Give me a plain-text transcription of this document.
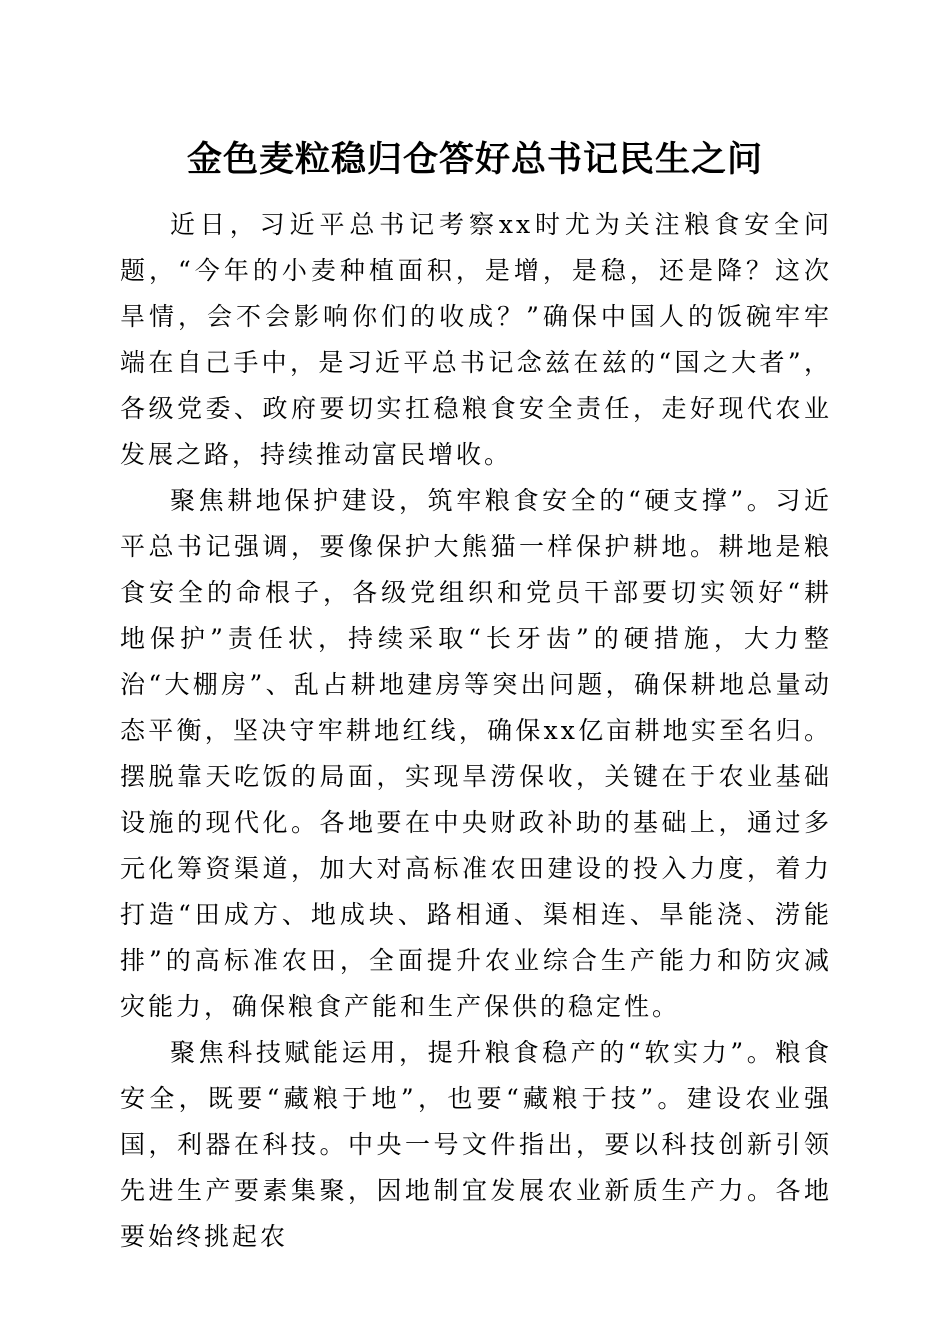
金色麦粒稳归仓答好总书记民生之问

近日，习近平总书记考察xx时尤为关注粮食安全问题，“今年的小麦种植面积，是增，是稳，还是降？这次旱情，会不会影响你们的收成？”确保中国人的饭碗牢牢端在自己手中，是习近平总书记念兹在兹的“国之大者”，各级党委、政府要切实扛稳粮食安全责任，走好现代农业发展之路，持续推动富民增收。

聚焦耕地保护建设，筑牢粮食安全的“硬支撑”。习近平总书记强调，要像保护大熊猫一样保护耕地。耕地是粮食安全的命根子，各级党组织和党员干部要切实领好“耕地保护”责任状，持续采取“长牙齿”的硬措施，大力整治“大棚房”、乱占耕地建房等突出问题，确保耕地总量动态平衡，坚决守牢耕地红线，确保xx亿亩耕地实至名归。摆脱靠天吃饭的局面，实现旱涝保收，关键在于农业基础设施的现代化。各地要在中央财政补助的基础上，通过多元化筹资渠道，加大对高标准农田建设的投入力度，着力打造“田成方、地成块、路相通、渠相连、旱能浇、涝能排”的高标准农田，全面提升农业综合生产能力和防灾减灾能力，确保粮食产能和生产保供的稳定性。

聚焦科技赋能运用，提升粮食稳产的“软实力”。粮食安全，既要“藏粮于地”，也要“藏粮于技”。建设农业强国，利器在科技。中央一号文件指出，要以科技创新引领先进生产要素集聚，因地制宜发展农业新质生产力。各地要始终挑起农
